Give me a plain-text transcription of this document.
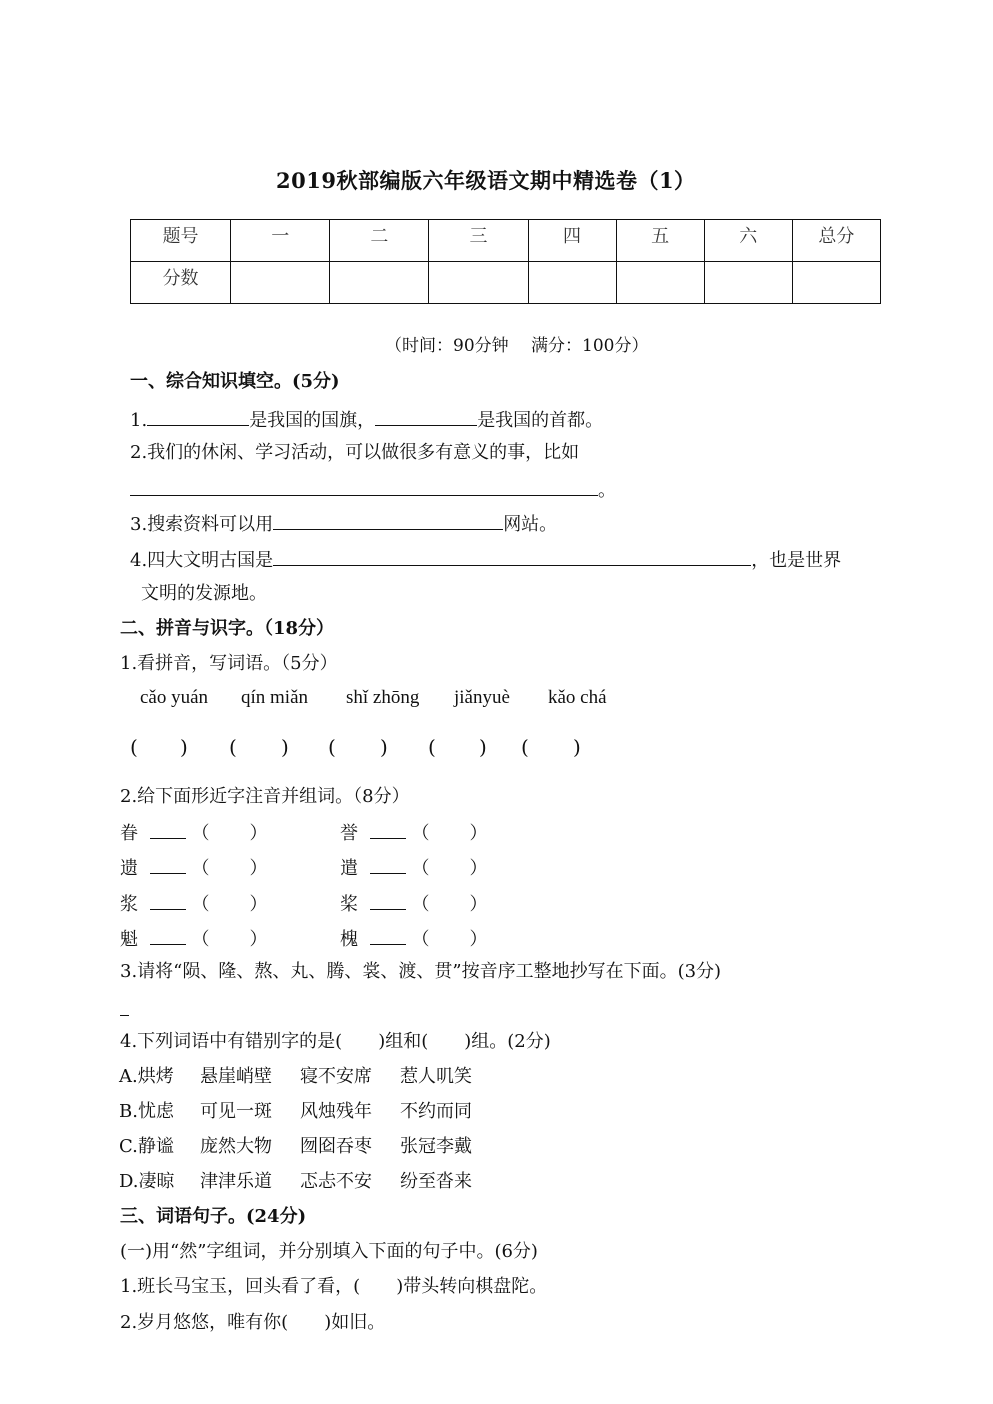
2019秋部编版六年级语文期中精选卷（1）
题号	一	二	三	四	五	六	总分
分数							
（时间：90分钟　 满分：100分）
一、综合知识填空。(5分)
1.	是我国的国旗，	是我国的首都。
2.我们的休闲、学习活动，可以做很多有意义的事，比如
。
3.搜索资料可以用	网站。
4.四大文明古国是	，也是世界
文明的发源地。
二、拼音与识字。（18分）
1.看拼音，写词语。（5分）
cǎo yuán qín miǎn shǐ zhōng jiǎnyuè kǎo chá
( ) ( ) ( ) ( ) ( )
2.给下面形近字注音并组词。（8分）
眷	（ ）	誉	（ ）
遗	（ ）	遣	（ ）
浆	（ ）	桨	（ ）
魁	（ ）	槐	（ ）
3.请将“陨、隆、熬、丸、腾、裳、渡、贯”按音序工整地抄写在下面。(3分)
4.下列词语中有错别字的是(　　)组和(　　)组。(2分)
A.烘烤 悬崖峭壁 寝不安席 惹人叽笑
B.忧虑 可见一斑 风烛残年 不约而同
C.静谧 庞然大物 囫囵吞枣 张冠李戴
D.凄晾 津津乐道 忑忐不安 纷至沓来
三、词语句子。(24分)
(一)用“然”字组词，并分别填入下面的句子中。(6分)
1.班长马宝玉，回头看了看，(　　)带头转向棋盘陀。
2.岁月悠悠，唯有你(　　)如旧。
